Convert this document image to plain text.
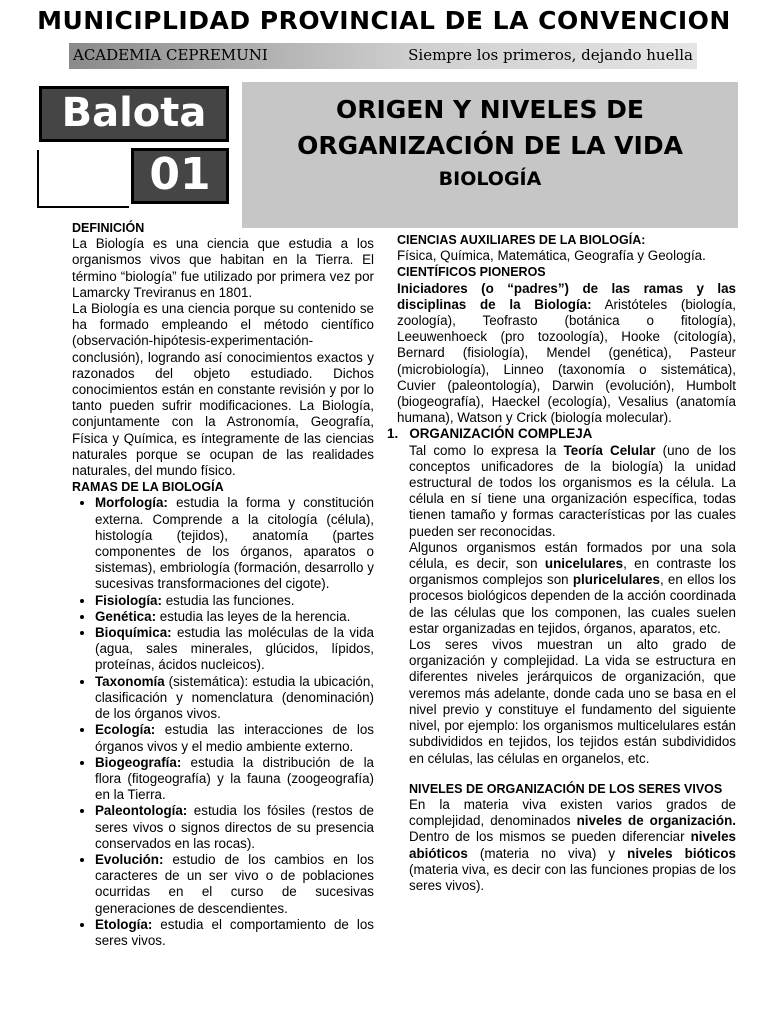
MUNICIPLIDAD PROVINCIAL DE LA CONVENCION
ACADEMIA CEPREMUNI	Siempre los primeros, dejando huella
Balota
01
ORIGEN Y NIVELES DE
ORGANIZACIÓN DE LA VIDA
BIOLOGÍA

DEFINICIÓN

La Biología es una ciencia que estudia a los organismos vivos que habitan en la Tierra. El término “biología” fue utilizado por primera vez por Lamarcky Treviranus en 1801.

La Biología es una ciencia porque su contenido se ha formado empleando el método científico (observación-hipótesis-experimentación-conclusión), logrando así conocimientos exactos y razonados del objeto estudiado. Dichos conocimientos están en constante revisión y por lo tanto pueden sufrir modificaciones. La Biología, conjuntamente con la Astronomía, Geografía, Física y Química, es íntegramente de las ciencias naturales porque se ocupan de las realidades naturales, del mundo físico.

RAMAS DE LA BIOLOGÍA

• Morfología: estudia la forma y constitución externa. Comprende a la citología (célula), histología (tejidos), anatomía (partes componentes de los órganos, aparatos o sistemas), embriología (formación, desarrollo y sucesivas transformaciones del cigote).
• Fisiología: estudia las funciones.
• Genética: estudia las leyes de la herencia.
• Bioquímica: estudia las moléculas de la vida (agua, sales minerales, glúcidos, lípidos, proteínas, ácidos nucleicos).
• Taxonomía (sistemática): estudia la ubicación, clasificación y nomenclatura (denominación) de los órganos vivos.
• Ecología: estudia las interacciones de los órganos vivos y el medio ambiente externo.
• Biogeografía: estudia la distribución de la flora (fitogeografía) y la fauna (zoogeografía) en la Tierra.
• Paleontología: estudia los fósiles (restos de seres vivos o signos directos de su presencia conservados en las rocas).
• Evolución: estudio de los cambios en los caracteres de un ser vivo o de poblaciones ocurridas en el curso de sucesivas generaciones de descendientes.
• Etología: estudia el comportamiento de los seres vivos.

CIENCIAS AUXILIARES DE LA BIOLOGÍA:

Física, Química, Matemática, Geografía y Geología.

CIENTÍFICOS PIONEROS

Iniciadores (o “padres”) de las ramas y las disciplinas de la Biología: Aristóteles (biología, zoología), Teofrasto (botánica o fitología), Leeuwenhoeck (pro tozoología), Hooke (citología), Bernard (fisiología), Mendel (genética), Pasteur (microbiología), Linneo (taxonomía o sistemática), Cuvier (paleontología), Darwin (evolución), Humbolt (biogeografía), Haeckel (ecología), Vesalius (anatomía humana), Watson y Crick (biología molecular).

1. ORGANIZACIÓN COMPLEJA

Tal como lo expresa la Teoría Celular (uno de los conceptos unificadores de la biología) la unidad estructural de todos los organismos es la célula. La célula en sí tiene una organización específica, todas tienen tamaño y formas características por las cuales pueden ser reconocidas.

Algunos organismos están formados por una sola célula, es decir, son unicelulares, en contraste los organismos complejos son pluricelulares, en ellos los procesos biológicos dependen de la acción coordinada de las células que los componen, las cuales suelen estar organizadas en tejidos, órganos, aparatos, etc.

Los seres vivos muestran un alto grado de organización y complejidad. La vida se estructura en diferentes niveles jerárquicos de organización, que veremos más adelante, donde cada uno se basa en el nivel previo y constituye el fundamento del siguiente nivel, por ejemplo: los organismos multicelulares están subdivididos en tejidos, los tejidos están subdivididos en células, las células en organelos, etc.

NIVELES DE ORGANIZACIÓN DE LOS SERES VIVOS

En la materia viva existen varios grados de complejidad, denominados niveles de organización. Dentro de los mismos se pueden diferenciar niveles abióticos (materia no viva) y niveles bióticos (materia viva, es decir con las funciones propias de los seres vivos).
